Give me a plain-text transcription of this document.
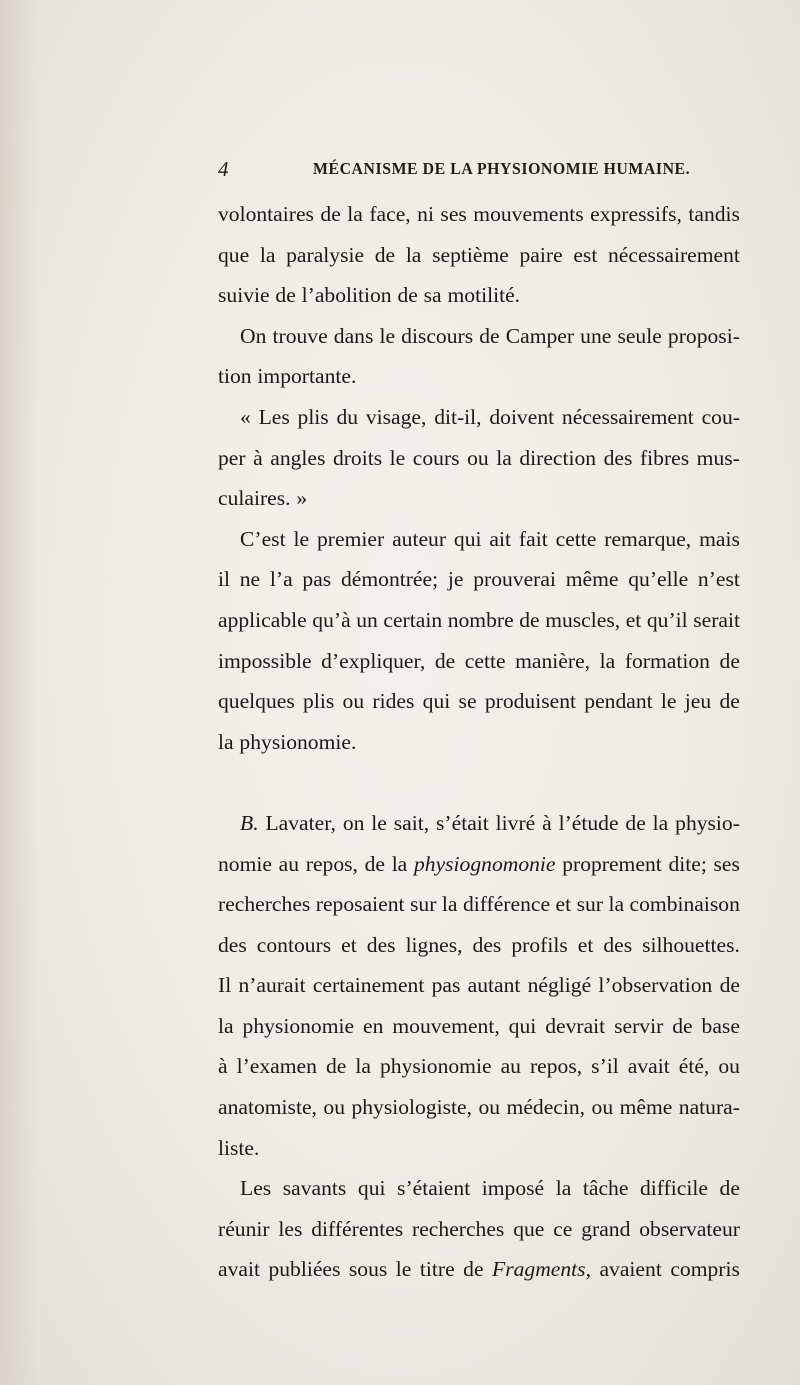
4	MÉCANISME DE LA PHYSIONOMIE HUMAINE.
volontaires de la face, ni ses mouvements expressifs, tandis
que la paralysie de la septième paire est nécessairement
suivie de l’abolition de sa motilité.
On trouve dans le discours de Camper une seule proposi-
tion importante.
« Les plis du visage, dit-il, doivent nécessairement cou-
per à angles droits le cours ou la direction des fibres mus-
culaires. »
C’est le premier auteur qui ait fait cette remarque, mais
il ne l’a pas démontrée; je prouverai même qu’elle n’est
applicable qu’à un certain nombre de muscles, et qu’il serait
impossible d’expliquer, de cette manière, la formation de
quelques plis ou rides qui se produisent pendant le jeu de
la physionomie.
B. Lavater, on le sait, s’était livré à l’étude de la physio-
nomie au repos, de la physiognomonie proprement dite; ses
recherches reposaient sur la différence et sur la combinaison
des contours et des lignes, des profils et des silhouettes.
Il n’aurait certainement pas autant négligé l’observation de
la physionomie en mouvement, qui devrait servir de base
à l’examen de la physionomie au repos, s’il avait été, ou
anatomiste, ou physiologiste, ou médecin, ou même natura-
liste.
Les savants qui s’étaient imposé la tâche difficile de
réunir les différentes recherches que ce grand observateur
avait publiées sous le titre de Fragments, avaient compris
